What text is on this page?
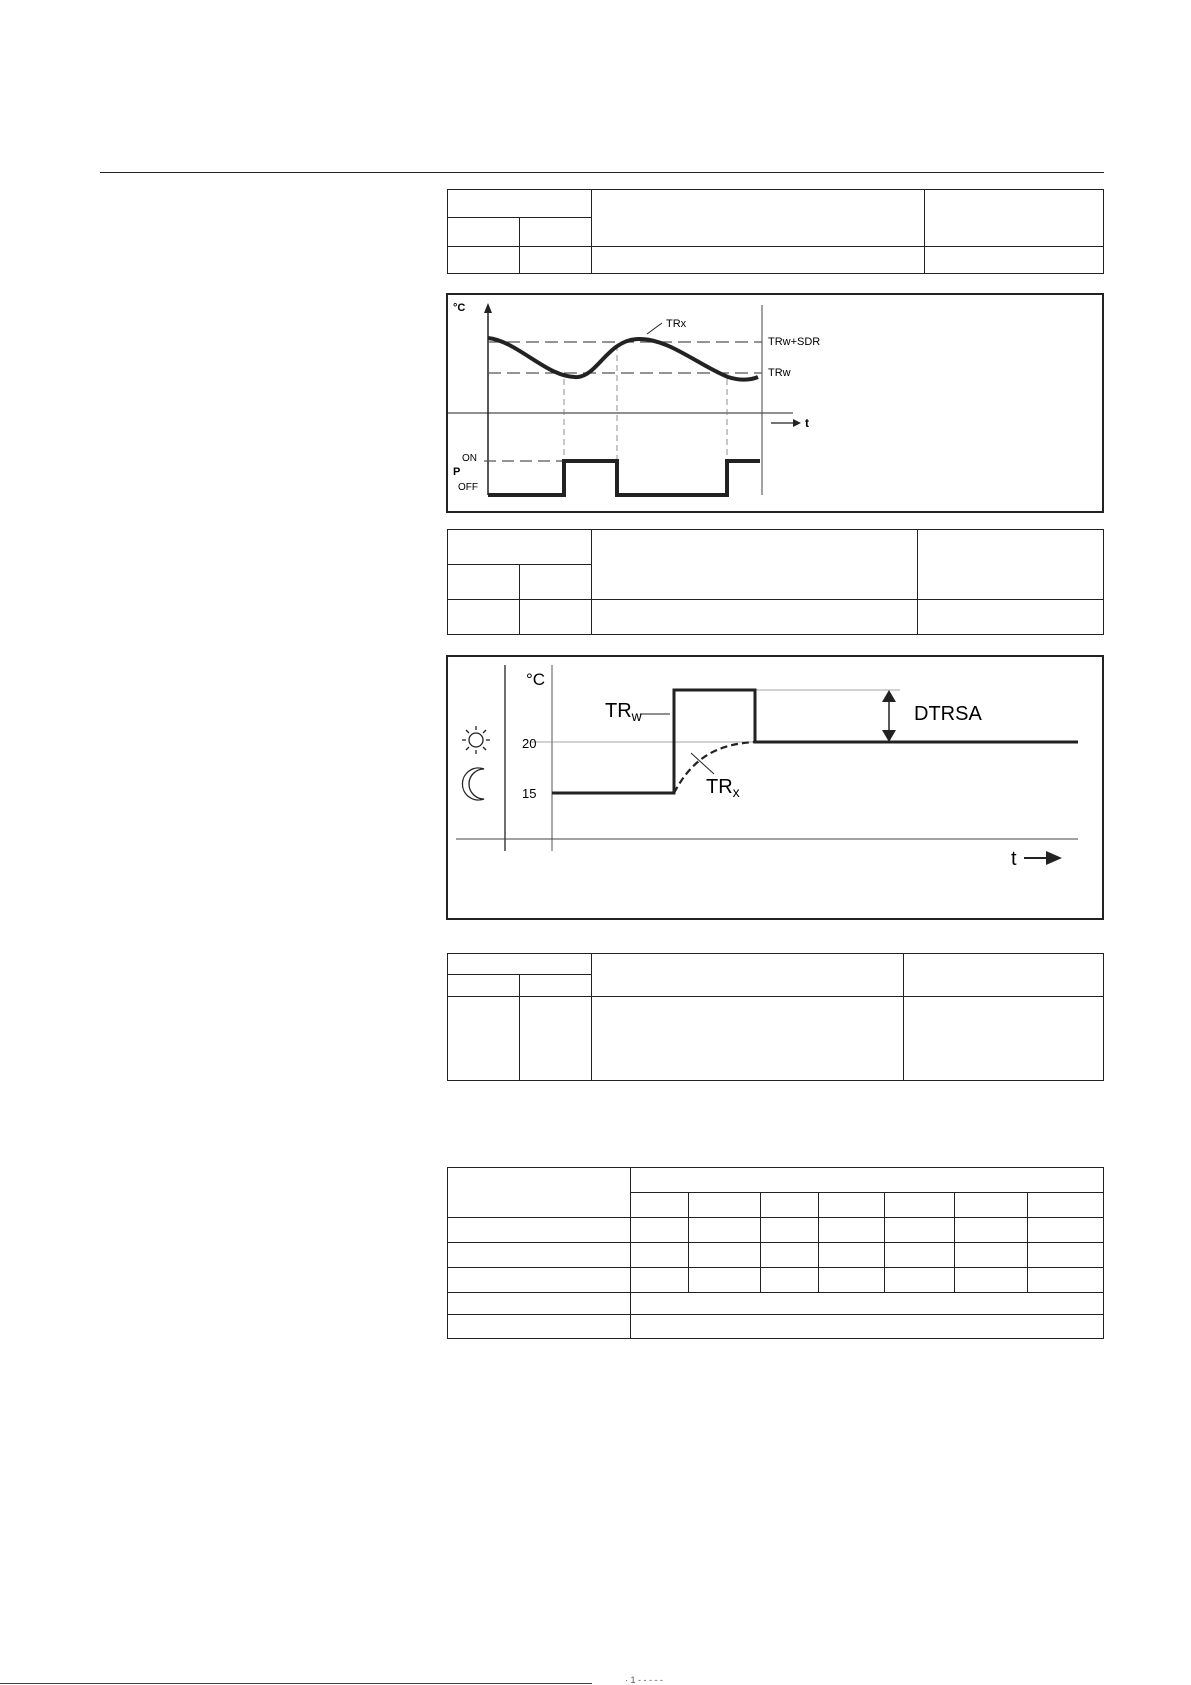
°C
TRx
TRw+SDR
TRw
t
ON
P
OFF

°C
20
15
$TR_w$
$TR_x$
DTRSA
t

· 1 - - - - -
